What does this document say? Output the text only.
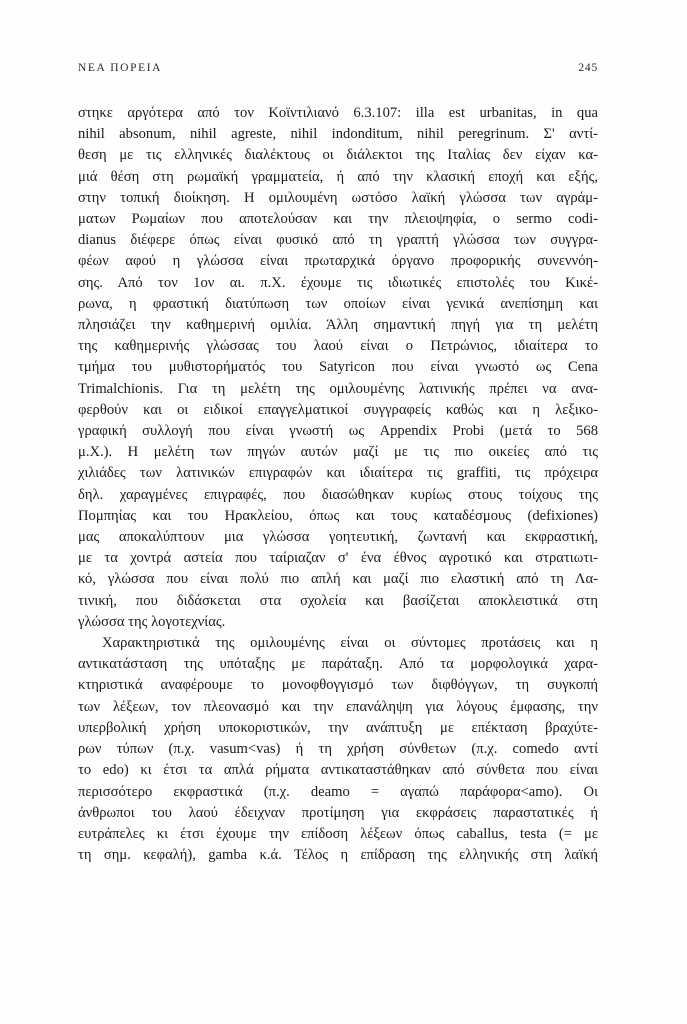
ΝΕΑ ΠΟΡΕΙΑ	245

στηκε αργότερα από τον Κοϊντιλιανό 6.3.107: illa est urbanitas, in qua
nihil absonum, nihil agreste, nihil indonditum, nihil peregrinum. Σ' αντί-
θεση με τις ελληνικές διαλέκτους οι διάλεκτοι της Ιταλίας δεν είχαν κα-
μιά θέση στη ρωμαϊκή γραμματεία, ή από την κλασική εποχή και εξής,
στην τοπική διοίκηση. Η ομιλουμένη ωστόσο λαϊκή γλώσσα των αγράμ-
ματων Ρωμαίων που αποτελούσαν και την πλειοψηφία, ο sermo codi-
dianus διέφερε όπως είναι φυσικό από τη γραπτή γλώσσα των συγγρα-
φέων αφού η γλώσσα είναι πρωταρχικά όργανο προφορικής συνεννόη-
σης. Από τον 1ον αι. π.Χ. έχουμε τις ιδιωτικές επιστολές του Κικέ-
ρωνα, η φραστική διατύπωση των οποίων είναι γενικά ανεπίσημη και
πλησιάζει την καθημερινή ομιλία. Άλλη σημαντική πηγή για τη μελέτη
της καθημερινής γλώσσας του λαού είναι ο Πετρώνιος, ιδιαίτερα το
τμήμα του μυθιστορήματός του Satyricon που είναι γνωστό ως Cena
Trimalchionis. Για τη μελέτη της ομιλουμένης λατινικής πρέπει να ανα-
φερθούν και οι ειδικοί επαγγελματικοί συγγραφείς καθώς και η λεξικο-
γραφική συλλογή που είναι γνωστή ως Appendix Probi (μετά το 568
μ.Χ.). Η μελέτη των πηγών αυτών μαζί με τις πιο οικείες από τις
χιλιάδες των λατινικών επιγραφών και ιδιαίτερα τις graffiti, τις πρόχειρα
δηλ. χαραγμένες επιγραφές, που διασώθηκαν κυρίως στους τοίχους της
Πομπηίας και του Ηρακλείου, όπως και τους καταδέσμους (defixiones)
μας αποκαλύπτουν μια γλώσσα γοητευτική, ζωντανή και εκφραστική,
με τα χοντρά αστεία που ταίριαζαν σ' ένα έθνος αγροτικό και στρατιωτι-
κό, γλώσσα που είναι πολύ πιο απλή και μαζί πιο ελαστική από τη Λα-
τινική, που διδάσκεται στα σχολεία και βασίζεται αποκλειστικά στη
γλώσσα της λογοτεχνίας.

Χαρακτηριστικά της ομιλουμένης είναι οι σύντομες προτάσεις και η
αντικατάσταση της υπόταξης με παράταξη. Από τα μορφολογικά χαρα-
κτηριστικά αναφέρουμε το μονοφθογγισμό των διφθόγγων, τη συγκοπή
των λέξεων, τον πλεονασμό και την επανάληψη για λόγους έμφασης, την
υπερβολική χρήση υποκοριστικών, την ανάπτυξη με επέκταση βραχύτε-
ρων τύπων (π.χ. vasum<vas) ή τη χρήση σύνθετων (π.χ. comedo αντί
το edo) κι έτσι τα απλά ρήματα αντικαταστάθηκαν από σύνθετα που είναι
περισσότερο εκφραστικά (π.χ. deamo = αγαπώ παράφορα<amo). Οι
άνθρωποι του λαού έδειχναν προτίμηση για εκφράσεις παραστατικές ή
ευτράπελες κι έτσι έχουμε την επίδοση λέξεων όπως caballus, testa (= με
τη σημ. κεφαλή), gamba κ.ά. Τέλος η επίδραση της ελληνικής στη λαϊκή
